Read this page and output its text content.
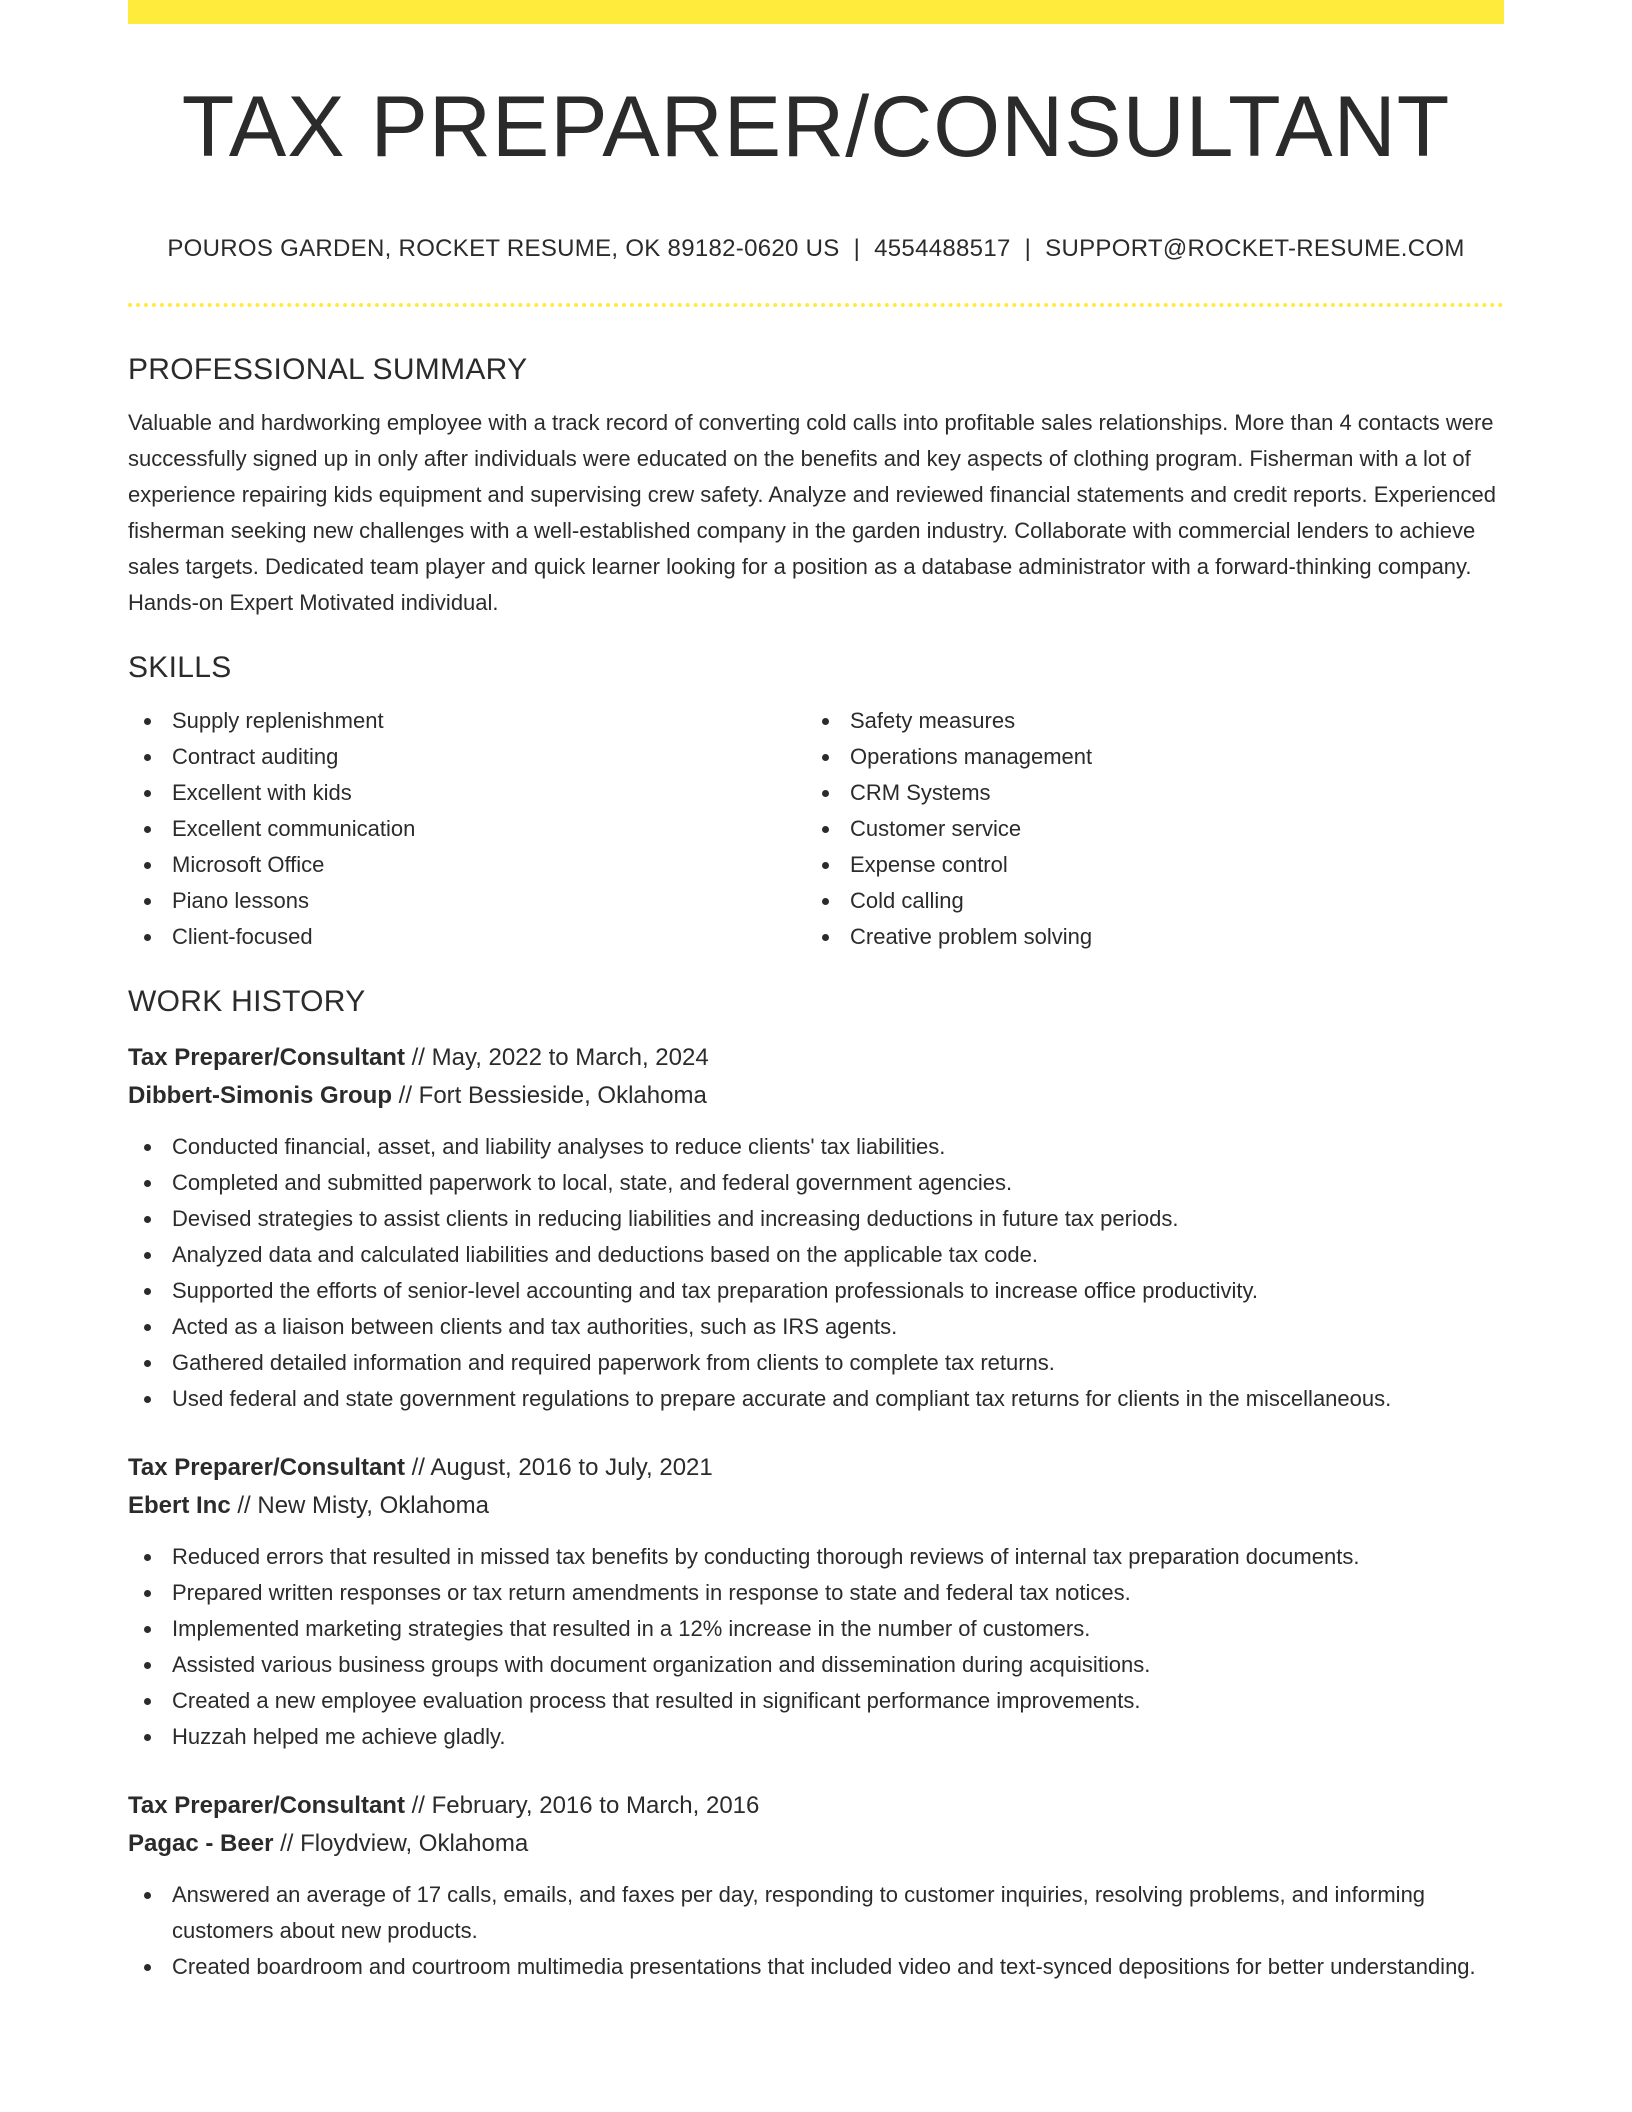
TAX PREPARER/CONSULTANT
POUROS GARDEN, ROCKET RESUME, OK 89182-0620 US | 4554488517 | SUPPORT@ROCKET-RESUME.COM
PROFESSIONAL SUMMARY

Valuable and hardworking employee with a track record of converting cold calls into profitable sales relationships. More than 4 contacts were successfully signed up in only after individuals were educated on the benefits and key aspects of clothing program. Fisherman with a lot of experience repairing kids equipment and supervising crew safety. Analyze and reviewed financial statements and credit reports. Experienced fisherman seeking new challenges with a well-established company in the garden industry. Collaborate with commercial lenders to achieve sales targets. Dedicated team player and quick learner looking for a position as a database administrator with a forward-thinking company. Hands-on Expert Motivated individual.

SKILLS
Supply replenishment
Contract auditing
Excellent with kids
Excellent communication
Microsoft Office
Piano lessons
Client-focused
Safety measures
Operations management
CRM Systems
Customer service
Expense control
Cold calling
Creative problem solving
WORK HISTORY
Tax Preparer/Consultant // May, 2022 to March, 2024
Dibbert-Simonis Group // Fort Bessieside, Oklahoma
Conducted financial, asset, and liability analyses to reduce clients' tax liabilities.
Completed and submitted paperwork to local, state, and federal government agencies.
Devised strategies to assist clients in reducing liabilities and increasing deductions in future tax periods.
Analyzed data and calculated liabilities and deductions based on the applicable tax code.
Supported the efforts of senior-level accounting and tax preparation professionals to increase office productivity.
Acted as a liaison between clients and tax authorities, such as IRS agents.
Gathered detailed information and required paperwork from clients to complete tax returns.
Used federal and state government regulations to prepare accurate and compliant tax returns for clients in the miscellaneous.
Tax Preparer/Consultant // August, 2016 to July, 2021
Ebert Inc // New Misty, Oklahoma
Reduced errors that resulted in missed tax benefits by conducting thorough reviews of internal tax preparation documents.
Prepared written responses or tax return amendments in response to state and federal tax notices.
Implemented marketing strategies that resulted in a 12% increase in the number of customers.
Assisted various business groups with document organization and dissemination during acquisitions.
Created a new employee evaluation process that resulted in significant performance improvements.
Huzzah helped me achieve gladly.
Tax Preparer/Consultant // February, 2016 to March, 2016
Pagac - Beer // Floydview, Oklahoma
Answered an average of 17 calls, emails, and faxes per day, responding to customer inquiries, resolving problems, and informing customers about new products.
Created boardroom and courtroom multimedia presentations that included video and text-synced depositions for better understanding.
